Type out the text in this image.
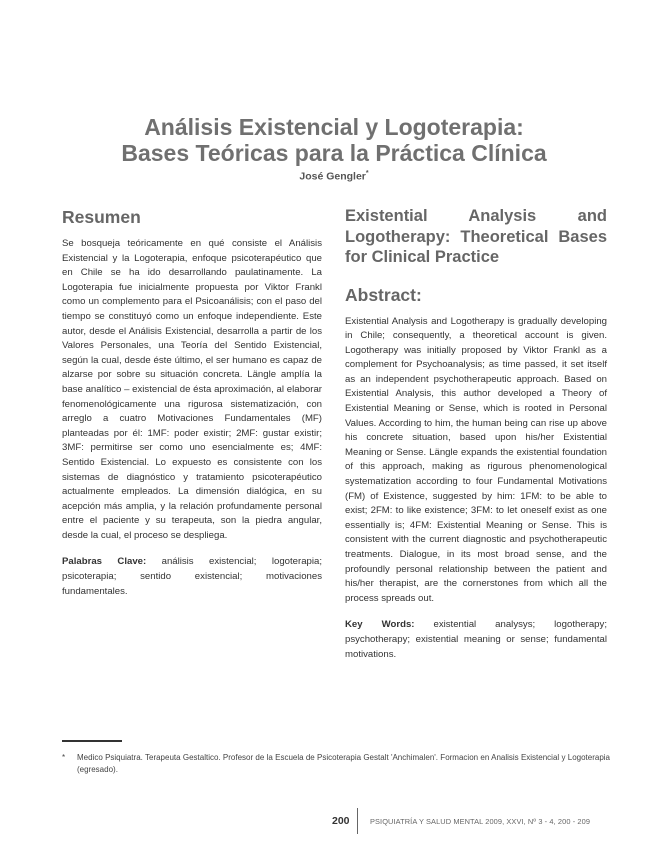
Análisis Existencial y Logoterapia:
Bases Teóricas para la Práctica Clínica
José Gengler*
Resumen

Se bosqueja teóricamente en qué consiste el Análisis Existencial y la Logoterapia, enfoque psicoterapéutico que en Chile se ha ido desarrollando paulatinamente. La Logoterapia fue inicialmente propuesta por Viktor Frankl como un complemento para el Psicoanálisis; con el paso del tiempo se constituyó como un enfoque independiente. Este autor, desde el Análisis Existencial, desarrolla a partir de los Valores Personales, una Teoría del Sentido Existencial, según la cual, desde éste último, el ser humano es capaz de alzarse por sobre su situación concreta. Längle amplía la base analítico – existencial de ésta aproximación, al elaborar fenomenológicamente una rigurosa sistematización, con arreglo a cuatro Motivaciones Fundamentales (MF) planteadas por él: 1MF: poder existir; 2MF: gustar existir; 3MF: permitirse ser como uno esencialmente es; 4MF: Sentido Existencial. Lo expuesto es consistente con los sistemas de diagnóstico y tratamiento psicoterapéutico actualmente empleados. La dimensión dialógica, en su acepción más amplia, y la relación profundamente personal entre el paciente y su terapeuta, son la piedra angular, desde la cual, el proceso se despliega.

Palabras Clave: análisis existencial; logoterapia; psicoterapia; sentido existencial; motivaciones fundamentales.

Existential Analysis and Logotherapy: Theoretical Bases for Clinical Practice
Abstract:

Existential Analysis and Logotherapy is gradually developing in Chile; consequently, a theoretical account is given. Logotherapy was initially proposed by Viktor Frankl as a complement for Psychoanalysis; as time passed, it set itself as an independent psychotherapeutic approach. Based on Existential Analysis, this author developed a Theory of Existential Meaning or Sense, which is rooted in Personal Values. According to him, the human being can rise up above his concrete situation, based upon his/her Existential Meaning or Sense. Längle expands the existential foundation of this approach, making as rigurous phenomenological systematization according to four Fundamental Motivations (FM) of Existence, suggested by him: 1FM: to be able to exist; 2FM: to like existence; 3FM: to let oneself exist as one essentially is; 4FM: Existential Meaning or Sense. This is consistent with the current diagnostic and psychotherapeutic treatments. Dialogue, in its most broad sense, and the profoundly personal relationship between the patient and his/her therapist, are the cornerstones from which all the process spreads out.

Key Words: existential analysys; logotherapy; psychotherapy; existential meaning or sense; fundamental motivations.

* Medico Psiquiatra. Terapeuta Gestaltico. Profesor de la Escuela de Psicoterapia Gestalt 'Anchimalen'. Formacion en Analisis Existencial y Logoterapia (egresado).
200	PSIQUIATRÍA Y SALUD MENTAL 2009, XXVI, Nº 3 - 4, 200 - 209
